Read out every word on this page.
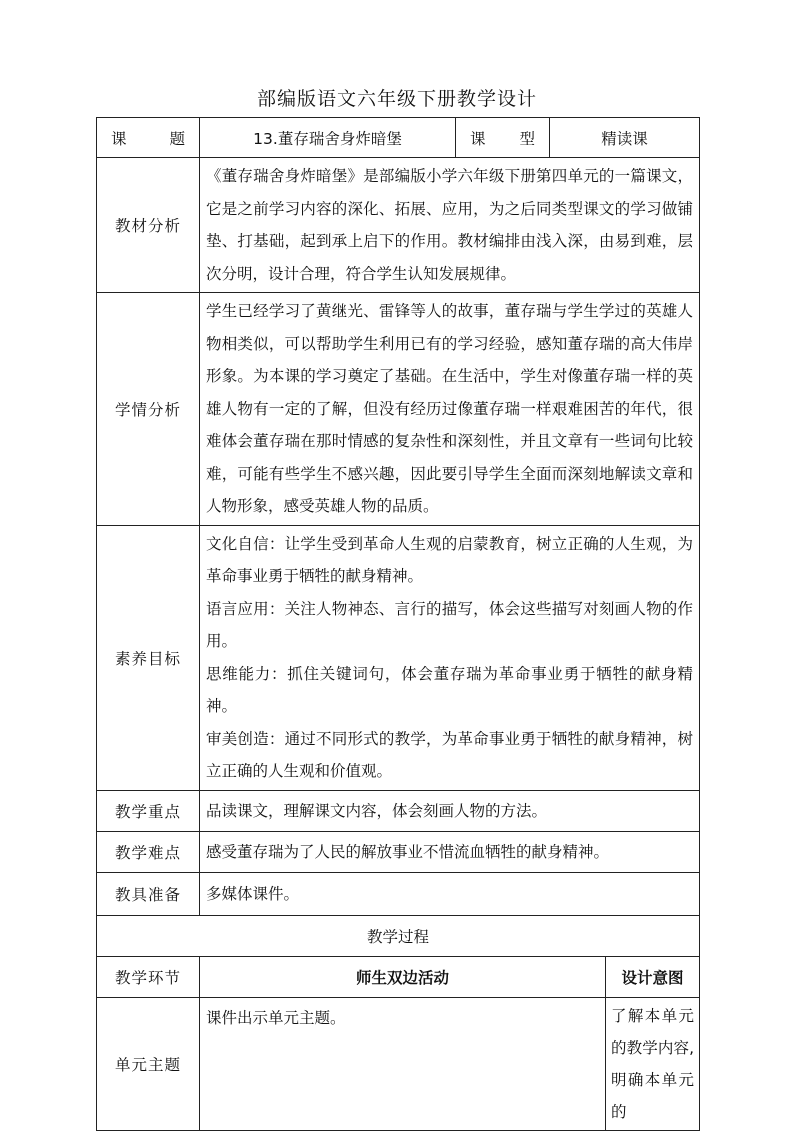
部编版语文六年级下册教学设计
课　　题	13.董存瑞舍身炸暗堡	课　　型	精读课	
教材分析	《董存瑞舍身炸暗堡》是部编版小学六年级下册第四单元的一篇课文，它是之前学习内容的深化、拓展、应用，为之后同类型课文的学习做铺垫、打基础，起到承上启下的作用。教材编排由浅入深，由易到难，层次分明，设计合理，符合学生认知发展规律。			
学情分析	学生已经学习了黄继光、雷锋等人的故事，董存瑞与学生学过的英雄人物相类似，可以帮助学生利用已有的学习经验，感知董存瑞的高大伟岸形象。为本课的学习奠定了基础。在生活中，学生对像董存瑞一样的英雄人物有一定的了解，但没有经历过像董存瑞一样艰难困苦的年代，很难体会董存瑞在那时情感的复杂性和深刻性，并且文章有一些词句比较难，可能有些学生不感兴趣，因此要引导学生全面而深刻地解读文章和人物形象，感受英雄人物的品质。			
素养目标	文化自信：让学生受到革命人生观的启蒙教育，树立正确的人生观，为革命事业勇于牺牲的献身精神。

语言应用：关注人物神态、言行的描写，体会这些描写对刻画人物的作用。

思维能力：抓住关键词句，体会董存瑞为革命事业勇于牺牲的献身精神。

审美创造：通过不同形式的教学，为革命事业勇于牺牲的献身精神，树立正确的人生观和价值观。			

教学重点	品读课文，理解课文内容，体会刻画人物的方法。			
教学难点	感受董存瑞为了人民的解放事业不惜流血牺牲的献身精神。			
教具准备	多媒体课件。			
教学过程				
教学环节	师生双边活动			设计意图
单元主题	课件出示单元主题。			了解本单元的教学内容,明确本单元的
